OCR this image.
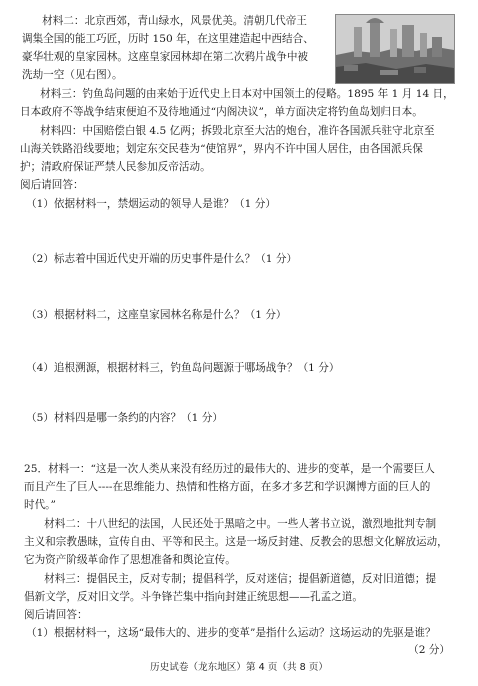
材料二：北京西郊，青山绿水，风景优美。清朝几代帝王
调集全国的能工巧匠，历时 150 年，在这里建造起中西结合、
豪华壮观的皇家园林。这座皇家园林却在第二次鸦片战争中被
洗劫一空（见右图）。
材料三：钓鱼岛问题的由来始于近代史上日本对中国领土的侵略。1895 年 1 月 14 日，
日本政府不等战争结束便迫不及待地通过“内阁决议”，单方面决定将钓鱼岛划归日本。
材料四：中国赔偿白银 4.5 亿两；拆毁北京至大沽的炮台，准许各国派兵驻守北京至
山海关铁路沿线要地；划定东交民巷为“使馆界”，界内不许中国人居住，由各国派兵保
护；清政府保证严禁人民参加反帝活动。
阅后请回答：
（1）依据材料一，禁烟运动的领导人是谁？（1 分）
（2）标志着中国近代史开端的历史事件是什么？（1 分）
（3）根据材料二，这座皇家园林名称是什么？（1 分）
（4）追根溯源，根据材料三，钓鱼岛问题源于哪场战争？（1 分）
（5）材料四是哪一条约的内容？（1 分）
25．材料一：“这是一次人类从来没有经历过的最伟大的、进步的变革，是一个需要巨人
而且产生了巨人----在思维能力、热情和性格方面，在多才多艺和学识渊博方面的巨人的
时代。”
材料二：十八世纪的法国，人民还处于黑暗之中。一些人著书立说，激烈地批判专制
主义和宗教愚昧，宣传自由、平等和民主。这是一场反封建、反教会的思想文化解放运动，
它为资产阶级革命作了思想准备和舆论宣传。
材料三：提倡民主，反对专制；提倡科学，反对迷信；提倡新道德，反对旧道德；提
倡新文学，反对旧文学。斗争锋芒集中指向封建正统思想——孔孟之道。
阅后请回答：
（1）根据材料一，这场“最伟大的、进步的变革”是指什么运动？这场运动的先驱是谁？
（2 分）
历史试卷（龙东地区）第 4 页（共 8 页）
